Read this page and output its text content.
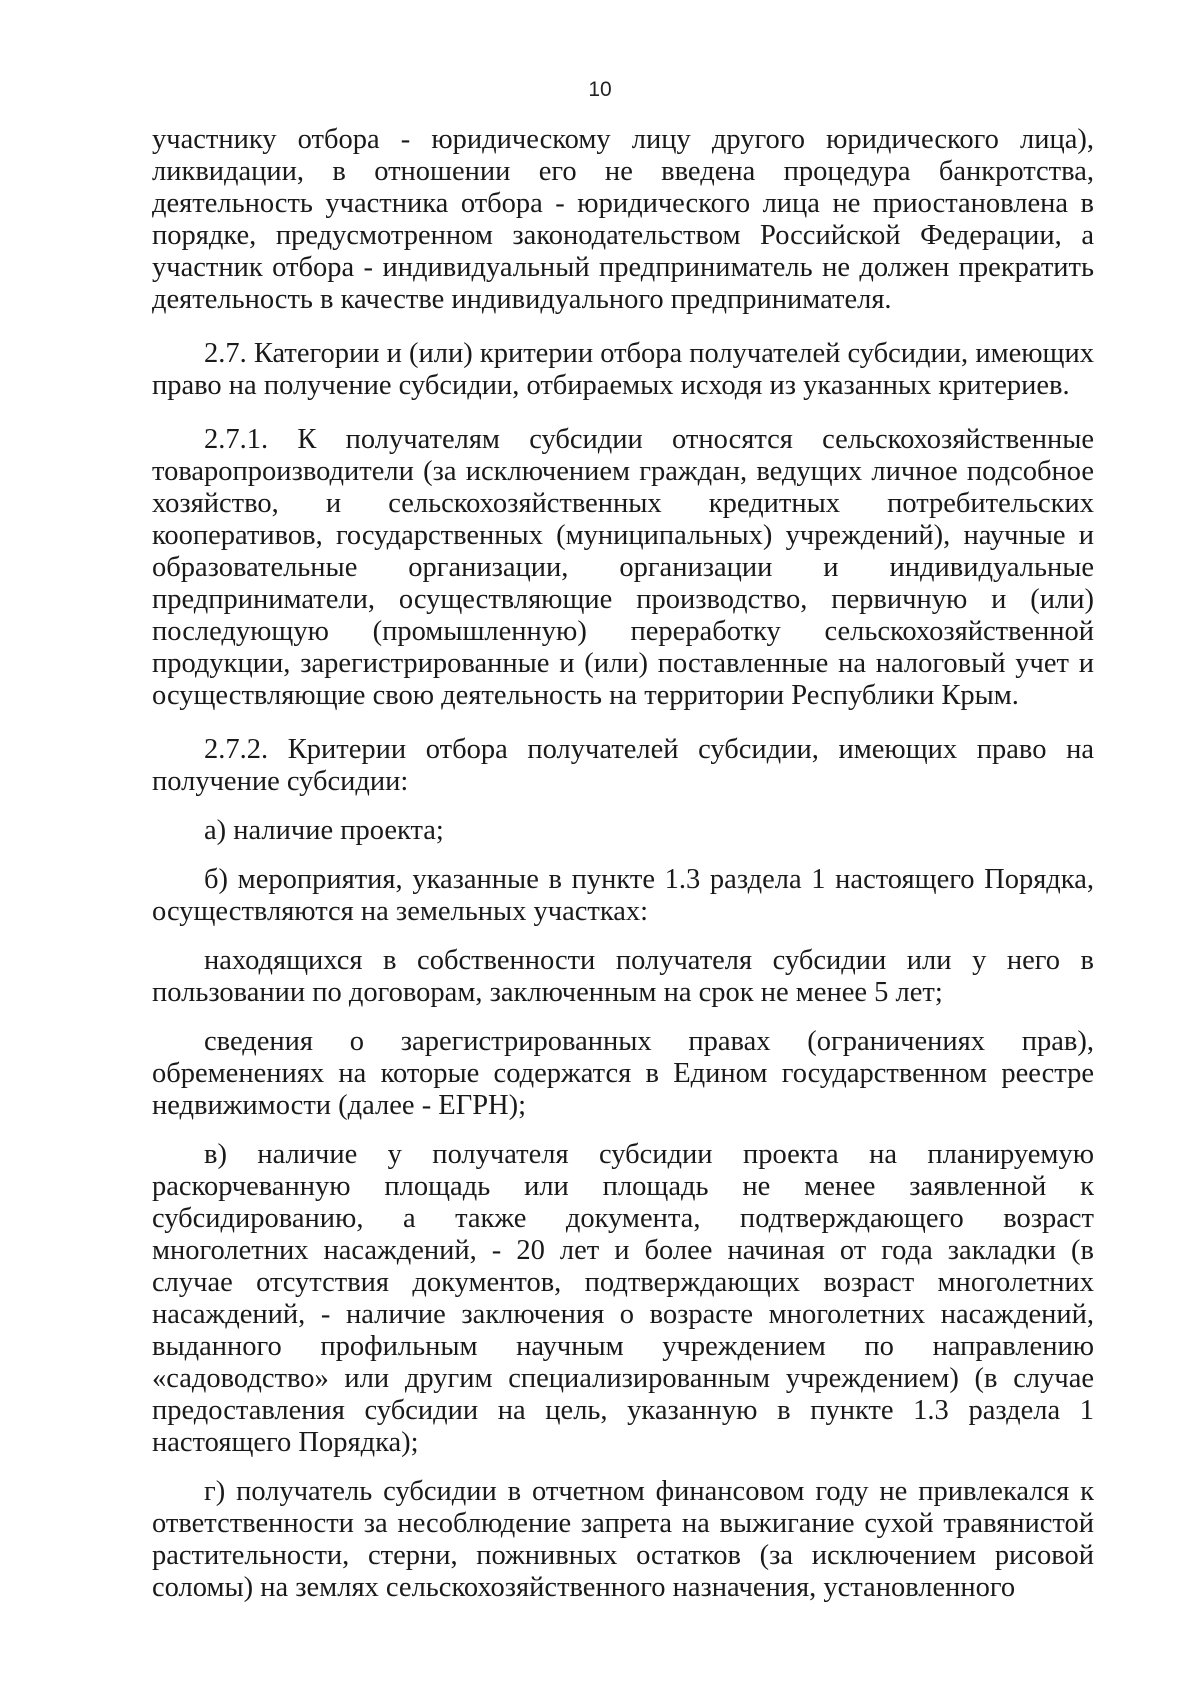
10

участнику отбора - юридическому лицу другого юридического лица), ликвидации, в отношении его не введена процедура банкротства, деятельность участника отбора - юридического лица не приостановлена в порядке, предусмотренном законодательством Российской Федерации, а участник отбора - индивидуальный предприниматель не должен прекратить деятельность в качестве индивидуального предпринимателя.

2.7. Категории и (или) критерии отбора получателей субсидии, имеющих право на получение субсидии, отбираемых исходя из указанных критериев.

2.7.1. К получателям субсидии относятся сельскохозяйственные товаропроизводители (за исключением граждан, ведущих личное подсобное хозяйство, и сельскохозяйственных кредитных потребительских кооперативов, государственных (муниципальных) учреждений), научные и образовательные организации, организации и индивидуальные предприниматели, осуществляющие производство, первичную и (или) последующую (промышленную) переработку сельскохозяйственной продукции, зарегистрированные и (или) поставленные на налоговый учет и осуществляющие свою деятельность на территории Республики Крым.

2.7.2. Критерии отбора получателей субсидии, имеющих право на получение субсидии:

а) наличие проекта;

б) мероприятия, указанные в пункте 1.3 раздела 1 настоящего Порядка, осуществляются на земельных участках:

находящихся в собственности получателя субсидии или у него в пользовании по договорам, заключенным на срок не менее 5 лет;

сведения о зарегистрированных правах (ограничениях прав), обременениях на которые содержатся в Едином государственном реестре недвижимости (далее - ЕГРН);

в) наличие у получателя субсидии проекта на планируемую раскорчеванную площадь или площадь не менее заявленной к субсидированию, а также документа, подтверждающего возраст многолетних насаждений, - 20 лет и более начиная от года закладки (в случае отсутствия документов, подтверждающих возраст многолетних насаждений, - наличие заключения о возрасте многолетних насаждений, выданного профильным научным учреждением по направлению «садоводство» или другим специализированным учреждением) (в случае предоставления субсидии на цель, указанную в пункте 1.3 раздела 1 настоящего Порядка);

г) получатель субсидии в отчетном финансовом году не привлекался к ответственности за несоблюдение запрета на выжигание сухой травянистой растительности, стерни, пожнивных остатков (за исключением рисовой соломы) на землях сельскохозяйственного назначения, установленного
